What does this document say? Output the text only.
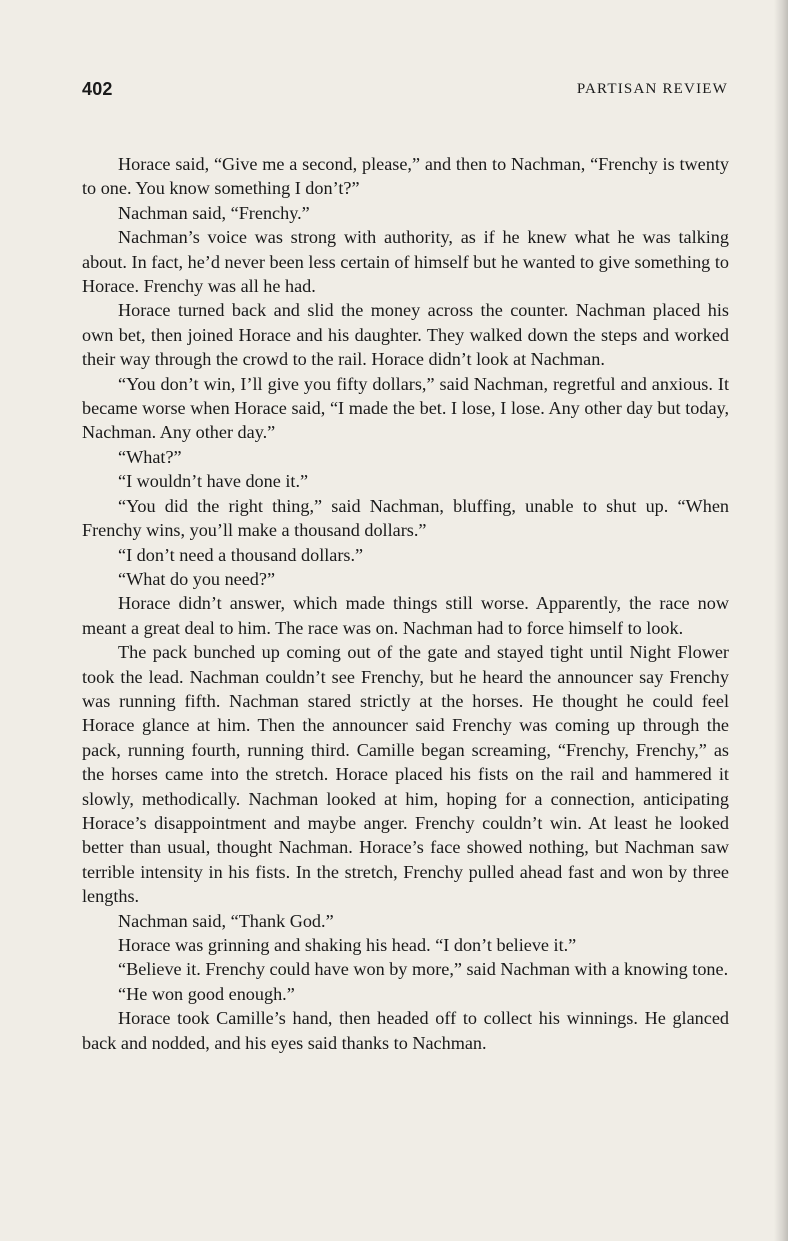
402	PARTISAN REVIEW

Horace said, “Give me a second, please,” and then to Nachman, “Frenchy is twenty to one. You know something I don’t?”

Nachman said, “Frenchy.”

Nachman’s voice was strong with authority, as if he knew what he was talking about. In fact, he’d never been less certain of himself but he wanted to give something to Horace. Frenchy was all he had.

Horace turned back and slid the money across the counter. Nachman placed his own bet, then joined Horace and his daughter. They walked down the steps and worked their way through the crowd to the rail. Horace didn’t look at Nachman.

“You don’t win, I’ll give you fifty dollars,” said Nachman, regretful and anxious. It became worse when Horace said, “I made the bet. I lose, I lose. Any other day but today, Nachman. Any other day.”

“What?”

“I wouldn’t have done it.”

“You did the right thing,” said Nachman, bluffing, unable to shut up. “When Frenchy wins, you’ll make a thousand dollars.”

“I don’t need a thousand dollars.”

“What do you need?”

Horace didn’t answer, which made things still worse. Apparently, the race now meant a great deal to him. The race was on. Nachman had to force himself to look.

The pack bunched up coming out of the gate and stayed tight until Night Flower took the lead. Nachman couldn’t see Frenchy, but he heard the announcer say Frenchy was running fifth. Nachman stared strictly at the horses. He thought he could feel Horace glance at him. Then the announcer said Frenchy was coming up through the pack, running fourth, running third. Camille began screaming, “Frenchy, Frenchy,” as the horses came into the stretch. Horace placed his fists on the rail and hammered it slowly, methodically. Nachman looked at him, hoping for a connection, anticipating Horace’s disappointment and maybe anger. Frenchy couldn’t win. At least he looked better than usual, thought Nachman. Horace’s face showed nothing, but Nachman saw terrible intensity in his fists. In the stretch, Frenchy pulled ahead fast and won by three lengths.

Nachman said, “Thank God.”

Horace was grinning and shaking his head. “I don’t believe it.”

“Believe it. Frenchy could have won by more,” said Nachman with a knowing tone.

“He won good enough.”

Horace took Camille’s hand, then headed off to collect his winnings. He glanced back and nodded, and his eyes said thanks to Nachman.
